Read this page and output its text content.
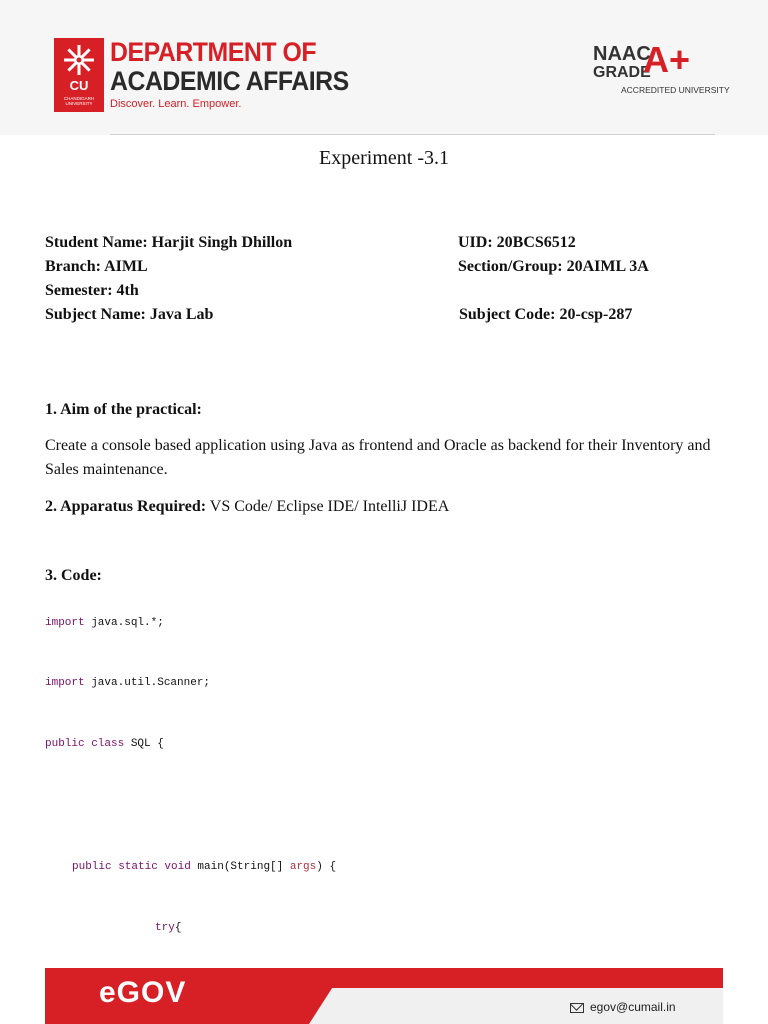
CU
CHANDIGARH UNIVERSITY
DEPARTMENT OF
ACADEMIC AFFAIRS
Discover. Learn. Empower.
NAAC
GRADE
A+
ACCREDITED UNIVERSITY
Experiment -3.1
Student Name: Harjit Singh Dhillon	UID: 20BCS6512
Branch: AIML	Section/Group: 20AIML 3A
Semester: 4th
Subject Name: Java Lab	Subject Code: 20-csp-287
1. Aim of the practical:
Create a console based application using Java as frontend and Oracle as backend for their Inventory and Sales maintenance.
2. Apparatus Required: VS Code/ Eclipse IDE/ IntelliJ IDEA
3. Code:
import java.sql.*;
import java.util.Scanner;
public class SQL {
public static void main(String[] args) {
try{
eGOV	egov@cumail.in
